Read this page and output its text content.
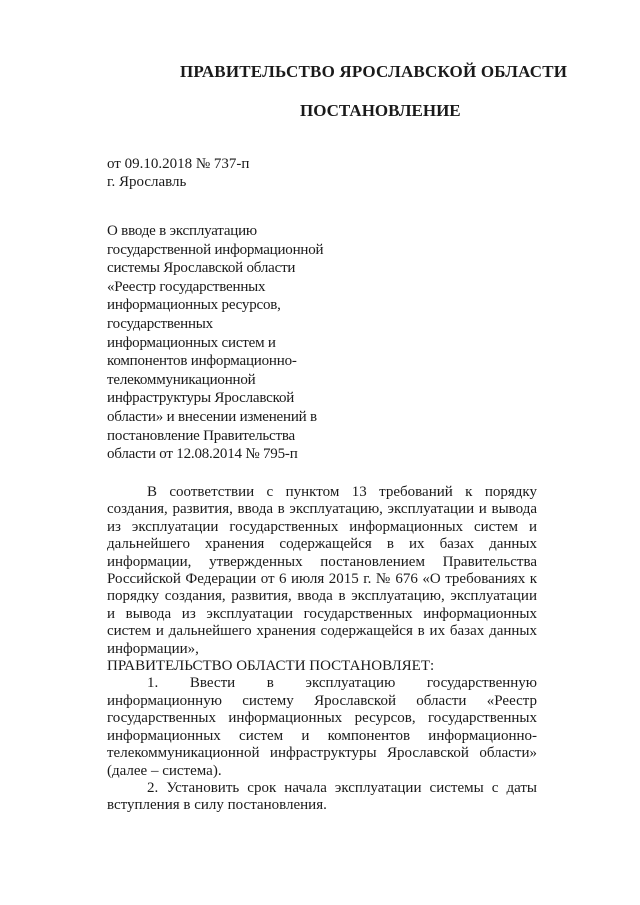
ПРАВИТЕЛЬСТВО ЯРОСЛАВСКОЙ ОБЛАСТИ
ПОСТАНОВЛЕНИЕ
от 09.10.2018 № 737-п
г. Ярославль
О вводе в эксплуатацию
государственной информационной
системы Ярославской области
«Реестр государственных
информационных ресурсов,
государственных
информационных систем и
компонентов информационно-
телекоммуникационной
инфраструктуры Ярославской
области» и внесении изменений в
постановление Правительства
области от 12.08.2014 № 795-п

В соответствии с пунктом 13 требований к порядку создания, развития, ввода в эксплуатацию, эксплуатации и вывода из эксплуатации государственных информационных систем и дальнейшего хранения содержащейся в их базах данных информации, утвержденных постановлением Правительства Российской Федерации от 6 июля 2015 г. № 676 «О требованиях к порядку создания, развития, ввода в эксплуатацию, эксплуатации и вывода из эксплуатации государственных информационных систем и дальнейшего хранения содержащейся в их базах данных информации»,

ПРАВИТЕЛЬСТВО ОБЛАСТИ ПОСТАНОВЛЯЕТ:

1. Ввести в эксплуатацию государственную информационную систему Ярославской области «Реестр государственных информационных ресурсов, государственных информационных систем и компонентов информационно-телекоммуникационной инфраструктуры Ярославской области» (далее – система).

2. Установить срок начала эксплуатации системы с даты вступления в силу постановления.
